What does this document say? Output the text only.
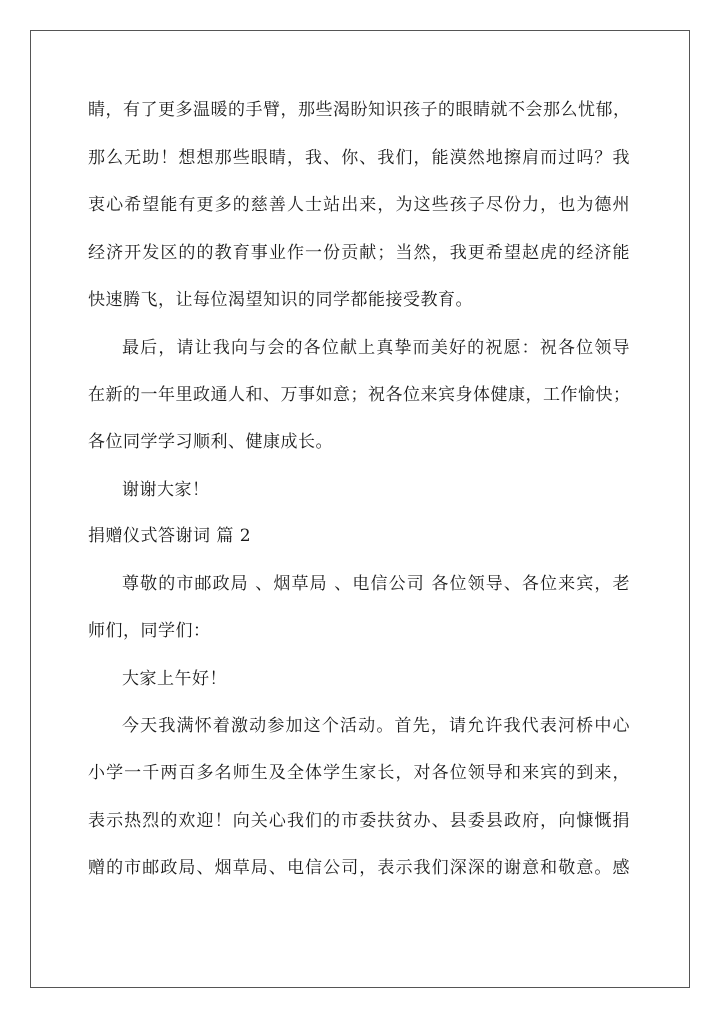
睛，有了更多温暖的手臂，那些渴盼知识孩子的眼睛就不会那么忧郁，
那么无助！想想那些眼睛，我、你、我们，能漠然地擦肩而过吗？我
衷心希望能有更多的慈善人士站出来，为这些孩子尽份力，也为德州
经济开发区的的教育事业作一份贡献；当然，我更希望赵虎的经济能
快速腾飞，让每位渴望知识的同学都能接受教育。
最后，请让我向与会的各位献上真挚而美好的祝愿：祝各位领导
在新的一年里政通人和、万事如意；祝各位来宾身体健康，工作愉快；
各位同学学习顺利、健康成长。
谢谢大家！
捐赠仪式答谢词 篇 2
尊敬的市邮政局 、烟草局 、电信公司 各位领导、各位来宾，老
师们，同学们：
大家上午好！
今天我满怀着激动参加这个活动。首先，请允许我代表河桥中心
小学一千两百多名师生及全体学生家长，对各位领导和来宾的到来，
表示热烈的欢迎！向关心我们的市委扶贫办、县委县政府，向慷慨捐
赠的市邮政局、烟草局、电信公司，表示我们深深的谢意和敬意。感
